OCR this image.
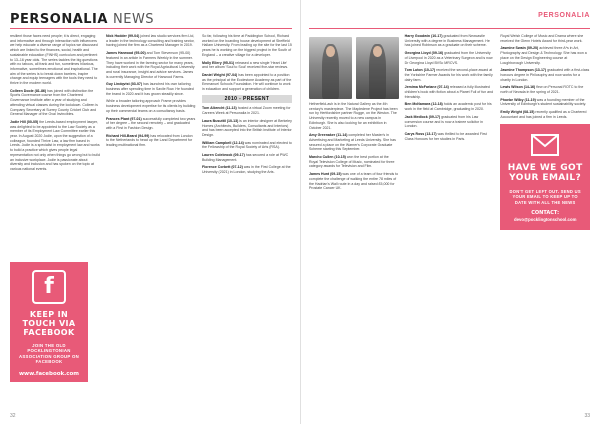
PERSONALIA NEWS

resilient those faces need people; it is direct, engaging and informative and through interaction with influencers we help educate a diverse range of topics we discussed which are linked to the finances, social, health and sustainable education (FINHS) curriculum and pertinent to 13–16 year olds. The series tackles the big questions with no taboos, all frank and fun, sometimes hilarious, informative, sometimes emotional and inspirational. The aim of the series is to break down barriers, inspire change and equip teenagers with the tools they need to thrive in the modern world.

Colleen Doole (81-86) has joined with distinction the Sports Governance course from the Chartered Governance Institute after a year of studying and attending virtual classes during the lockdown. Colleen is Company Secretary at Surrey County Cricket Club and General Manager of the Oval Invincibles.

Jodie Hill (00-05) the Leeds-based employment lawyer, was delighted to be appointed to the Law Society as a member of its Employment Law Committee earlier this year. In August 2020 Jodie, upon the suggestion of a colleague, founded Thrive Law, a law firm based in Leeds. Jodie is a specialist in employment law and works to build a practice which gives people legal representation not only when things go wrong but to build an inclusive workplace. Jodie is passionate about diversity and inclusion and has spoken on the topic at various national events.

Nick Hodder (99-04) joined law studio services firm Ltd, a leader in the technology consulting and training sector, having joined the firm as a Chartered Manager in 2019.

James Harwood (95-00) and Tom Stevenson (95-00) featured in an article in Farmers Weekly in the summer. They have worked in the farming sector for many years, including their work with the Royal Agricultural University and rural insurance, insight and advice services. James is currently Managing Director of Harwood Farms.

Guy Lindqvist (03-07) has launched his own tailoring business after spending time in Savile Row. He founded the brand in 2020 and it has grown steadily since.

While a broader tailoring approach Frame provides business development expertise for its clients by building up their commercial teams on a consultancy basis.

Frances Plant (97-01) successfully completed two years of her degree – the second remotely – and graduated with a First in Fashion Design.

Richard Hill-Beard (94-99) has relocated from London to the Netherlands to head up the Land Department for leading multinational firm.

So far, following his time at Paddington School, Richard worked on the boarding house development at Sheffield Hallam University. From leading up the site for the last 15 years he is working on the biggest project in the South of England – a creative village for a developer.

Molly Ellery (95-01) released a new single 'Heart Lite' and her album 'Soul to Soul' received five-star reviews.

Daniel Wright (97-04) has been appointed to a position as the principal at the Ecclestone Academy as part of the Emmanuel Schools Foundation. He will continue to work in education and support a generation of children.

2010 - PRESENT

Tom Albrecht (11-13) hosted a virtual Zoom meeting for Careers Week at Personalia in 2021.

Laura Busuttil (10-13) is an interior designer at Berkeley Homes (Architects, Builders, Consultants and Interiors) and has been accepted into the British Institute of Interior Design.

William Campbell (12-14) was nominated and elected to the Fellowship of the Royal Society of Arts (RSA).

Lauren Colebrook (09-17) has secured a role at PWC Building Management.

Florence Corbett (07-12) was in the First College at the University (2021) in London, studying the Arts.

f
KEEP IN TOUCH VIA FACEBOOK
JOIN THE OLD POCKLINGTONIAN ASSOCIATION GROUP ON FACEBOOK
www.facebook.com
32
PERSONALIA

Hetherfield-ash is in the Natural Gallery as the 4th century's masterpiece. The Mapledene Project has been run by Hertfordshire partner Rugge, on the Weston. The University recently moved to a new campus in Edinburgh. She is also looking for an exhibition in October 2021.

Amy Greenaker (11-14) completed her Master's in Advertising and Marketing at Leeds University. She has secured a place on the Warner's Corporate Graduate Scheme starting this September.

Marcho Cullen (10-15) won the best portion at the Royal Television College of Music, nominated for three category awards for Television and Film.

James Hunt (09-15) was one of a team of four friends to complete the challenge of walking the entire 78 miles of the Hadrian's Wall route in a day and raised £5,000 for Prostate Cancer UK.

Harry Goodwin (10-17) graduated from Newcastle University with a degree in Business Management. He has joined Robinson as a graduate on their scheme.

Georgina Lloyd (09-16) graduated from the University of Liverpool in 2020 as a Veterinary Surgeon and is now Dr Georgina Lloyd BVSc MRCVS.

Tom Luton (10-17) received the second-place award at the Yorkshire Farmer Awards for his work with the family dairy farm.

Jemima McFarlane (07-14) released a fully illustrated children's book with fiction about a Planet Full of fun and friendship.

Ben McNamara (12-18) holds an academic post for his work in the field at Cambridge, graduating in 2020.

Jack Medlock (09-17) graduated from his Law conversion course and is now a trainee solicitor in London.

Carys Ross (13-17) was thrilled to be awarded First Class Honours for her studies in Paris.

Royal Welsh College of Music and Drama where she received the Glenn Hotels Award for third-year work.

Jasmine Swain (09-20) achieved three A*s in Art, Photography and Design & Technology. She has won a place on the Design Engineering course at Loughborough University.

Jasmine Thompson (13-17) graduated with a first-class honours degree in Philosophy and now works for a charity in London.

Lewis Wilson (14-16) flew on Personal ROTC to the north of Nevada in the spring of 2021.

Phoebe Wilby (11-19) was a founding member of the University of Edinburgh's student sustainability society.

Emily Wright (08-15) recently qualified as a Chartered Accountant and has joined a firm in Leeds.

HAVE WE GOT YOUR EMAIL?
DON'T GET LEFT OUT. SEND US YOUR EMAIL TO KEEP UP TO DATE WITH ALL THE NEWS
CONTACT:
devo@pocklingtonschool.com
33
